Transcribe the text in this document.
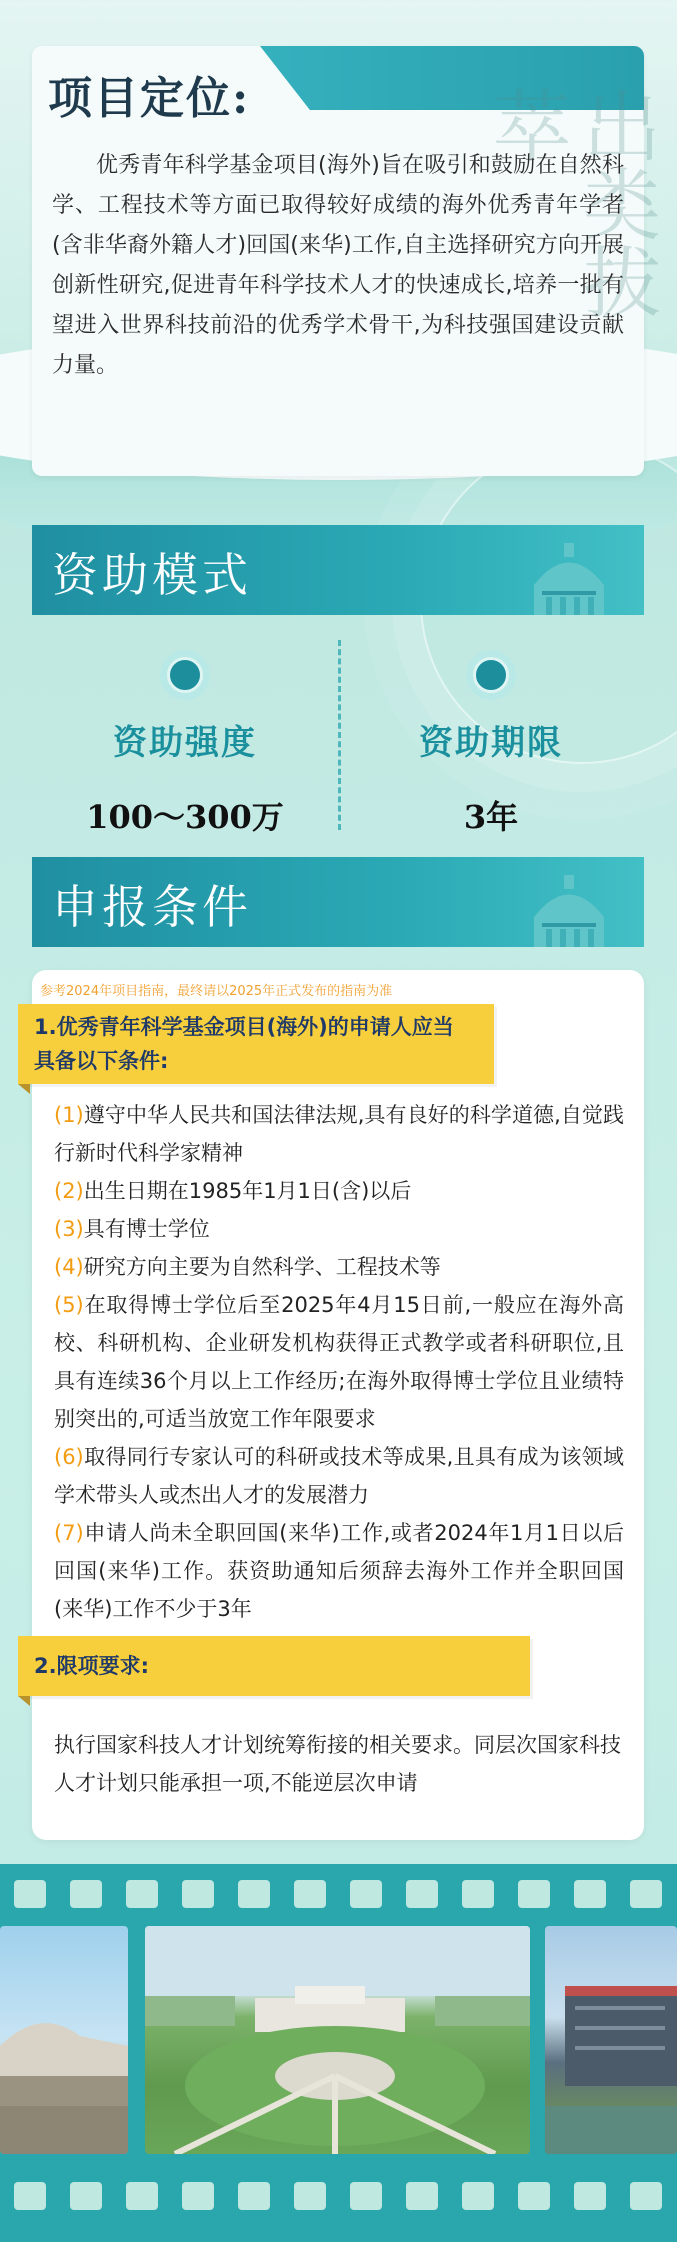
出类拔萃
项目定位:
优秀青年科学基金项目(海外)旨在吸引和鼓励在自然科学、工程技术等方面已取得较好成绩的海外优秀青年学者(含非华裔外籍人才)回国(来华)工作,自主选择研究方向开展创新性研究,促进青年科学技术人才的快速成长,培养一批有望进入世界科技前沿的优秀学术骨干,为科技强国建设贡献力量。
资助模式
资助强度
100～300万
资助期限
3年
申报条件
参考2024年项目指南，最终请以2025年正式发布的指南为准
1.优秀青年科学基金项目(海外)的申请人应当具备以下条件:
(1)遵守中华人民共和国法律法规,具有良好的科学道德,自觉践行新时代科学家精神
(2)出生日期在1985年1月1日(含)以后
(3)具有博士学位
(4)研究方向主要为自然科学、工程技术等
(5)在取得博士学位后至2025年4月15日前,一般应在海外高校、科研机构、企业研发机构获得正式教学或者科研职位,且具有连续36个月以上工作经历;在海外取得博士学位且业绩特别突出的,可适当放宽工作年限要求
(6)取得同行专家认可的科研或技术等成果,且具有成为该领域学术带头人或杰出人才的发展潜力
(7)申请人尚未全职回国(来华)工作,或者2024年1月1日以后回国(来华)工作。获资助通知后须辞去海外工作并全职回国(来华)工作不少于3年
2.限项要求:
执行国家科技人才计划统筹衔接的相关要求。同层次国家科技人才计划只能承担一项,不能逆层次申请
